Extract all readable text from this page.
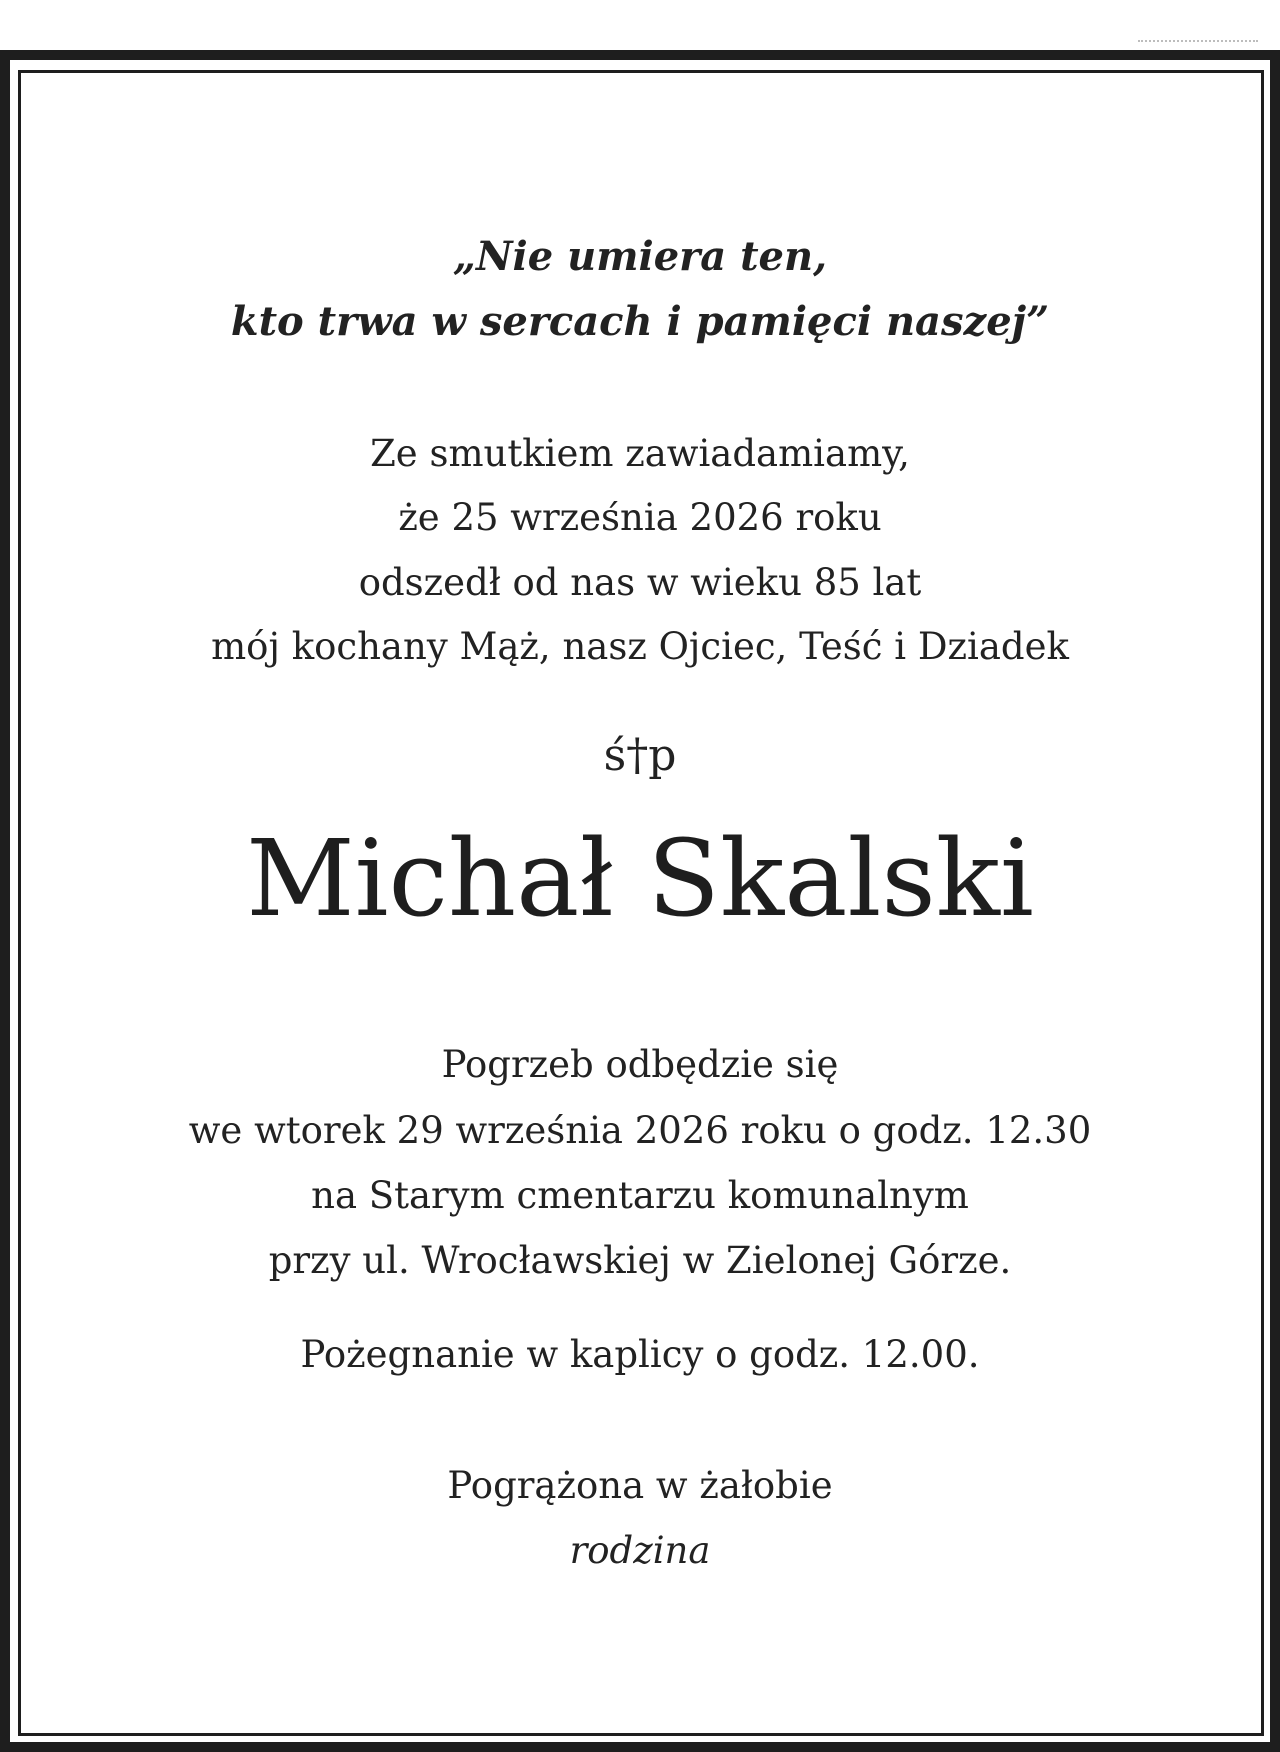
„Nie umiera ten,
kto trwa w sercach i pamięci naszej”
Ze smutkiem zawiadamiamy,
że 25 września 2026 roku
odszedł od nas w wieku 85 lat
mój kochany Mąż, nasz Ojciec, Teść i Dziadek
ś†p
Michał Skalski
Pogrzeb odbędzie się
we wtorek 29 września 2026 roku o godz. 12.30
na Starym cmentarzu komunalnym
przy ul. Wrocławskiej w Zielonej Górze.
Pożegnanie w kaplicy o godz. 12.00.
Pogrążona w żałobie
rodzina
